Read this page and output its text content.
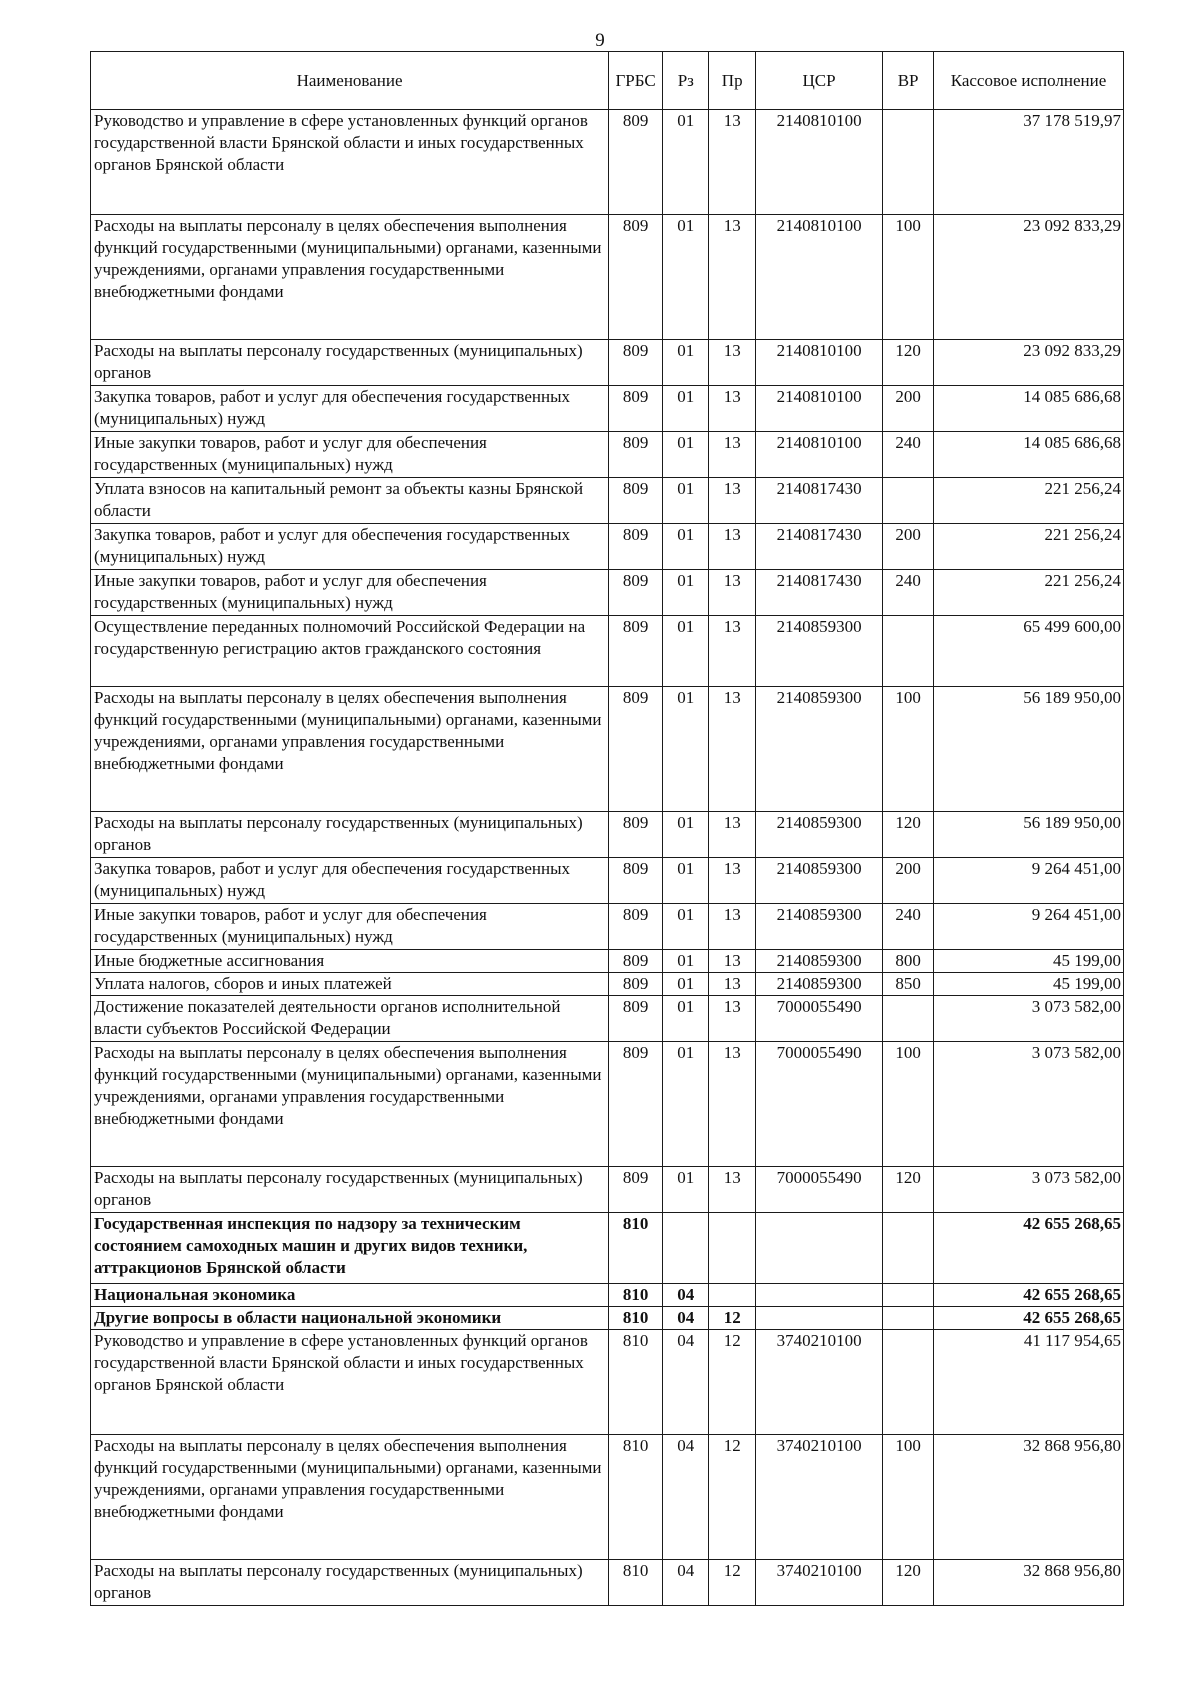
9
Наименование	ГРБС	Рз	Пр	ЦСР	ВР	Кассовое исполнение
Руководство и управление в сфере установленных функций органов государственной власти Брянской области и иных государственных органов Брянской области	809	01	13	2140810100		37 178 519,97
Расходы на выплаты персоналу в целях обеспечения выполнения функций государственными (муниципальными) органами, казенными учреждениями, органами управления государственными внебюджетными фондами	809	01	13	2140810100	100	23 092 833,29
Расходы на выплаты персоналу государственных (муниципальных) органов	809	01	13	2140810100	120	23 092 833,29
Закупка товаров, работ и услуг для обеспечения государственных (муниципальных) нужд	809	01	13	2140810100	200	14 085 686,68
Иные закупки товаров, работ и услуг для обеспечения государственных (муниципальных) нужд	809	01	13	2140810100	240	14 085 686,68
Уплата взносов на капитальный ремонт за объекты казны Брянской области	809	01	13	2140817430		221 256,24
Закупка товаров, работ и услуг для обеспечения государственных (муниципальных) нужд	809	01	13	2140817430	200	221 256,24
Иные закупки товаров, работ и услуг для обеспечения государственных (муниципальных) нужд	809	01	13	2140817430	240	221 256,24
Осуществление переданных полномочий Российской Федерации на государственную регистрацию актов гражданского состояния	809	01	13	2140859300		65 499 600,00
Расходы на выплаты персоналу в целях обеспечения выполнения функций государственными (муниципальными) органами, казенными учреждениями, органами управления государственными внебюджетными фондами	809	01	13	2140859300	100	56 189 950,00
Расходы на выплаты персоналу государственных (муниципальных) органов	809	01	13	2140859300	120	56 189 950,00
Закупка товаров, работ и услуг для обеспечения государственных (муниципальных) нужд	809	01	13	2140859300	200	9 264 451,00
Иные закупки товаров, работ и услуг для обеспечения государственных (муниципальных) нужд	809	01	13	2140859300	240	9 264 451,00
Иные бюджетные ассигнования	809	01	13	2140859300	800	45 199,00
Уплата налогов, сборов и иных платежей	809	01	13	2140859300	850	45 199,00
Достижение показателей деятельности органов исполнительной власти субъектов Российской Федерации	809	01	13	7000055490		3 073 582,00
Расходы на выплаты персоналу в целях обеспечения выполнения функций государственными (муниципальными) органами, казенными учреждениями, органами управления государственными внебюджетными фондами	809	01	13	7000055490	100	3 073 582,00
Расходы на выплаты персоналу государственных (муниципальных) органов	809	01	13	7000055490	120	3 073 582,00
Государственная инспекция по надзору за техническим состоянием самоходных машин и других видов техники, аттракционов Брянской области	810					42 655 268,65
Национальная экономика	810	04				42 655 268,65
Другие вопросы в области национальной экономики	810	04	12			42 655 268,65
Руководство и управление в сфере установленных функций органов государственной власти Брянской области и иных государственных органов Брянской области	810	04	12	3740210100		41 117 954,65
Расходы на выплаты персоналу в целях обеспечения выполнения функций государственными (муниципальными) органами, казенными учреждениями, органами управления государственными внебюджетными фондами	810	04	12	3740210100	100	32 868 956,80
Расходы на выплаты персоналу государственных (муниципальных) органов	810	04	12	3740210100	120	32 868 956,80
